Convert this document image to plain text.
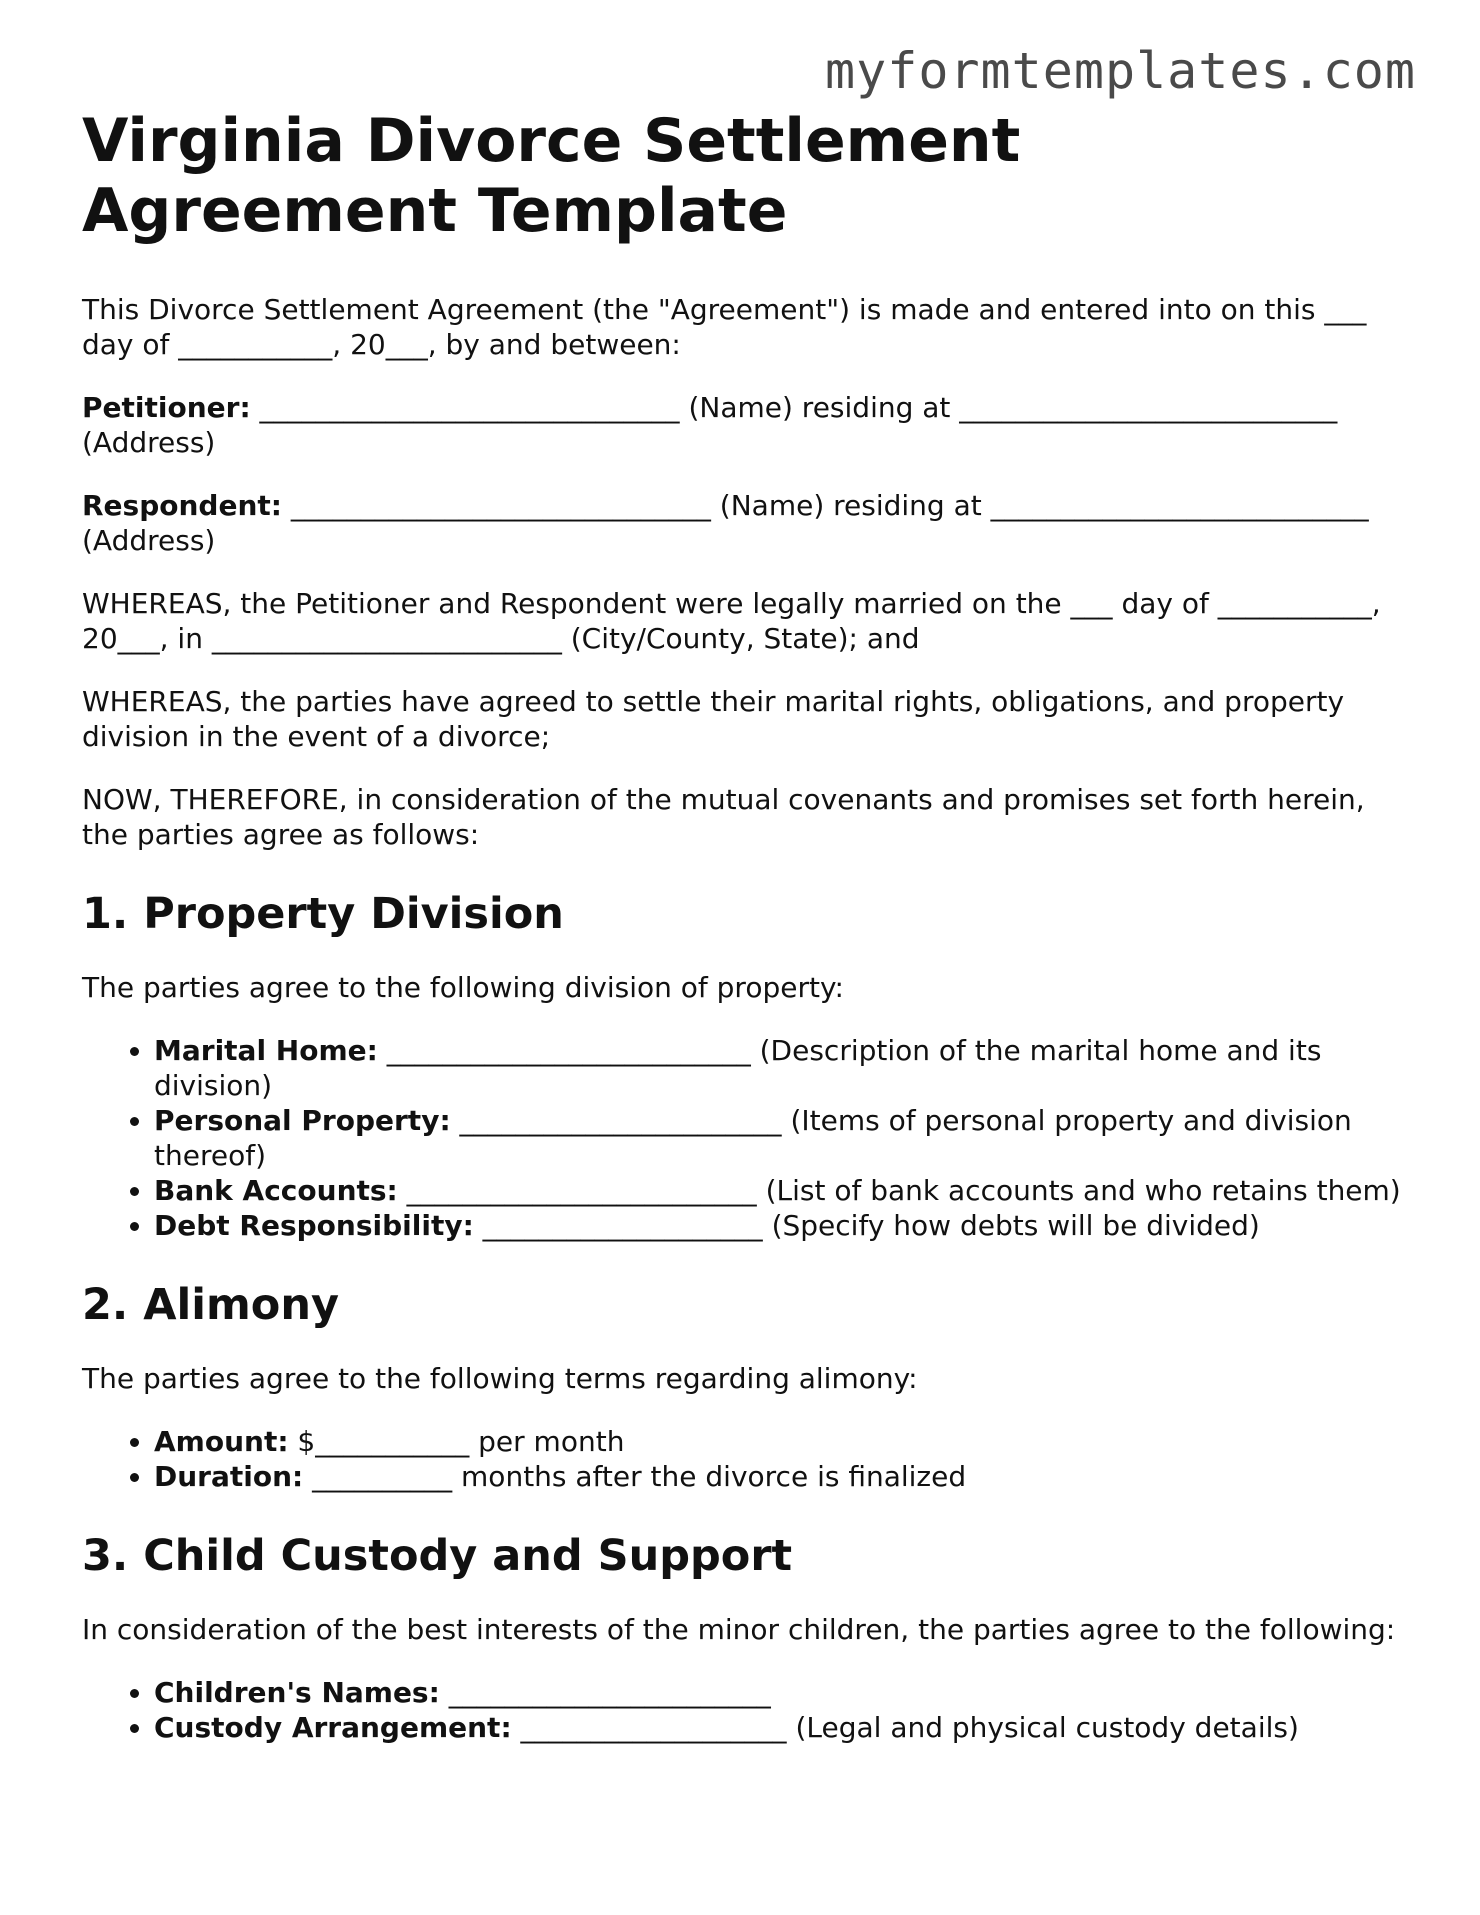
myformtemplates.com
Virginia Divorce Settlement Agreement Template

This Divorce Settlement Agreement (the "Agreement") is made and entered into on this ___ day of ___________, 20___, by and between:

Petitioner: ______________________________ (Name) residing at ___________________________ (Address)

Respondent: ______________________________ (Name) residing at ___________________________ (Address)

WHEREAS, the Petitioner and Respondent were legally married on the ___ day of ___________, 20___, in _________________________ (City/County, State); and

WHEREAS, the parties have agreed to settle their marital rights, obligations, and property division in the event of a divorce;

NOW, THEREFORE, in consideration of the mutual covenants and promises set forth herein, the parties agree as follows:

1. Property Division

The parties agree to the following division of property:

• Marital Home: __________________________ (Description of the marital home and its division)
• Personal Property: _______________________ (Items of personal property and division thereof)
• Bank Accounts: _________________________ (List of bank accounts and who retains them)
• Debt Responsibility: ____________________ (Specify how debts will be divided)
2. Alimony

The parties agree to the following terms regarding alimony:

• Amount: $___________ per month
• Duration: __________ months after the divorce is finalized
3. Child Custody and Support

In consideration of the best interests of the minor children, the parties agree to the following:

• Children's Names: _______________________
• Custody Arrangement: ___________________ (Legal and physical custody details)
